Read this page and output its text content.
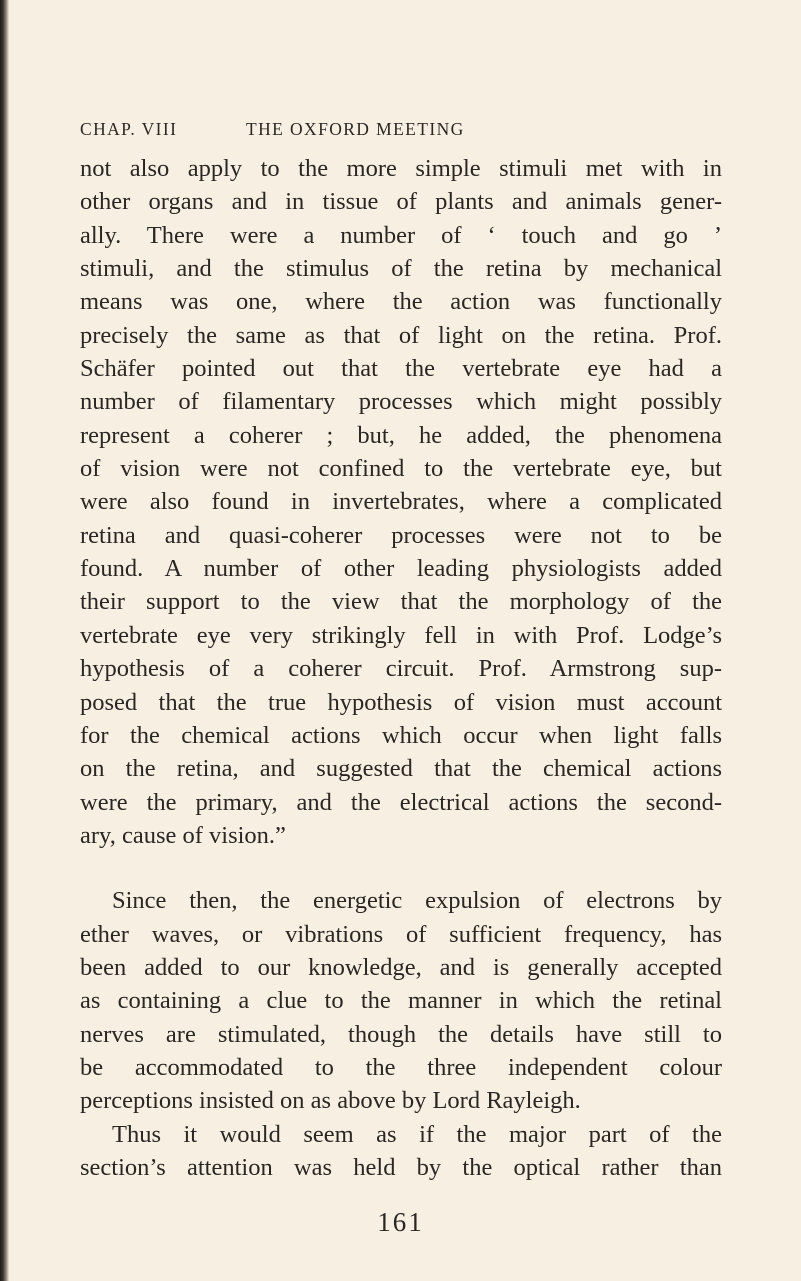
CHAP. VIII	THE OXFORD MEETING
not also apply to the more simple stimuli met with in
other organs and in tissue of plants and animals gener-
ally. There were a number of ‘ touch and go ’
stimuli, and the stimulus of the retina by mechanical
means was one, where the action was functionally
precisely the same as that of light on the retina. Prof.
Schäfer pointed out that the vertebrate eye had a
number of filamentary processes which might possibly
represent a coherer ; but, he added, the phenomena
of vision were not confined to the vertebrate eye, but
were also found in invertebrates, where a complicated
retina and quasi-coherer processes were not to be
found. A number of other leading physiologists added
their support to the view that the morphology of the
vertebrate eye very strikingly fell in with Prof. Lodge’s
hypothesis of a coherer circuit. Prof. Armstrong sup-
posed that the true hypothesis of vision must account
for the chemical actions which occur when light falls
on the retina, and suggested that the chemical actions
were the primary, and the electrical actions the second-
ary, cause of vision.”
Since then, the energetic expulsion of electrons by
ether waves, or vibrations of sufficient frequency, has
been added to our knowledge, and is generally accepted
as containing a clue to the manner in which the retinal
nerves are stimulated, though the details have still to
be accommodated to the three independent colour
perceptions insisted on as above by Lord Rayleigh.
Thus it would seem as if the major part of the
section’s attention was held by the optical rather than
161
